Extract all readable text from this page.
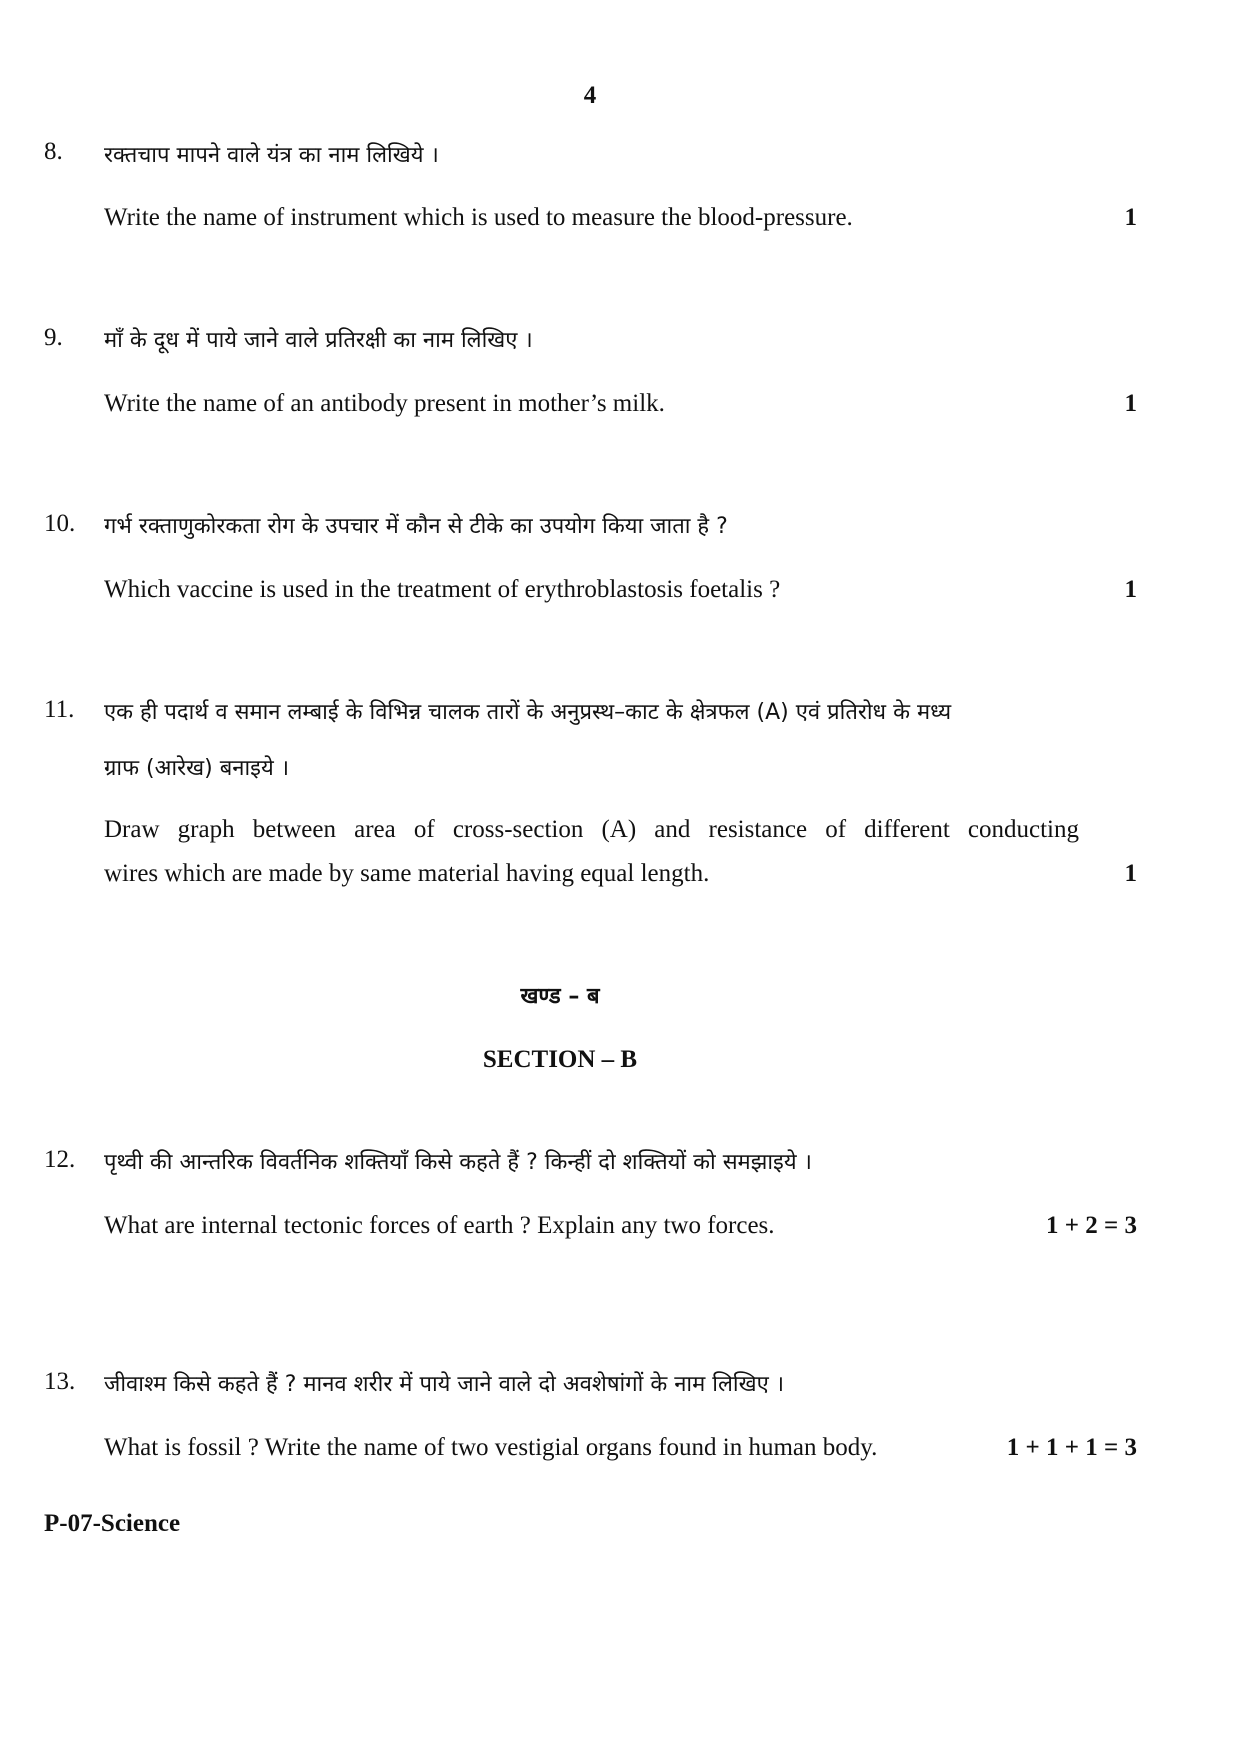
4
8. रक्तचाप मापने वाले यंत्र का नाम लिखिये ।
Write the name of instrument which is used to measure the blood-pressure.	1
9. माँ के दूध में पाये जाने वाले प्रतिरक्षी का नाम लिखिए ।
Write the name of an antibody present in mother’s milk.	1
10. गर्भ रक्ताणुकोरकता रोग के उपचार में कौन से टीके का उपयोग किया जाता है ?
Which vaccine is used in the treatment of erythroblastosis foetalis ?	1
11. एक ही पदार्थ व समान लम्बाई के विभिन्न चालक तारों के अनुप्रस्थ–काट के क्षेत्रफल (A) एवं प्रतिरोध के मध्य
ग्राफ (आरेख) बनाइये ।
Draw graph between area of cross-section (A) and resistance of different conducting
wires which are made by same material having equal length.	1
खण्ड – ब
SECTION – B
12. पृथ्वी की आन्तरिक विवर्तनिक शक्तियाँ किसे कहते हैं ? किन्हीं दो शक्तियों को समझाइये ।
What are internal tectonic forces of earth ? Explain any two forces.	1 + 2 = 3
13. जीवाश्म किसे कहते हैं ? मानव शरीर में पाये जाने वाले दो अवशेषांगों के नाम लिखिए ।
What is fossil ? Write the name of two vestigial organs found in human body.	1 + 1 + 1 = 3
P-07-Science
